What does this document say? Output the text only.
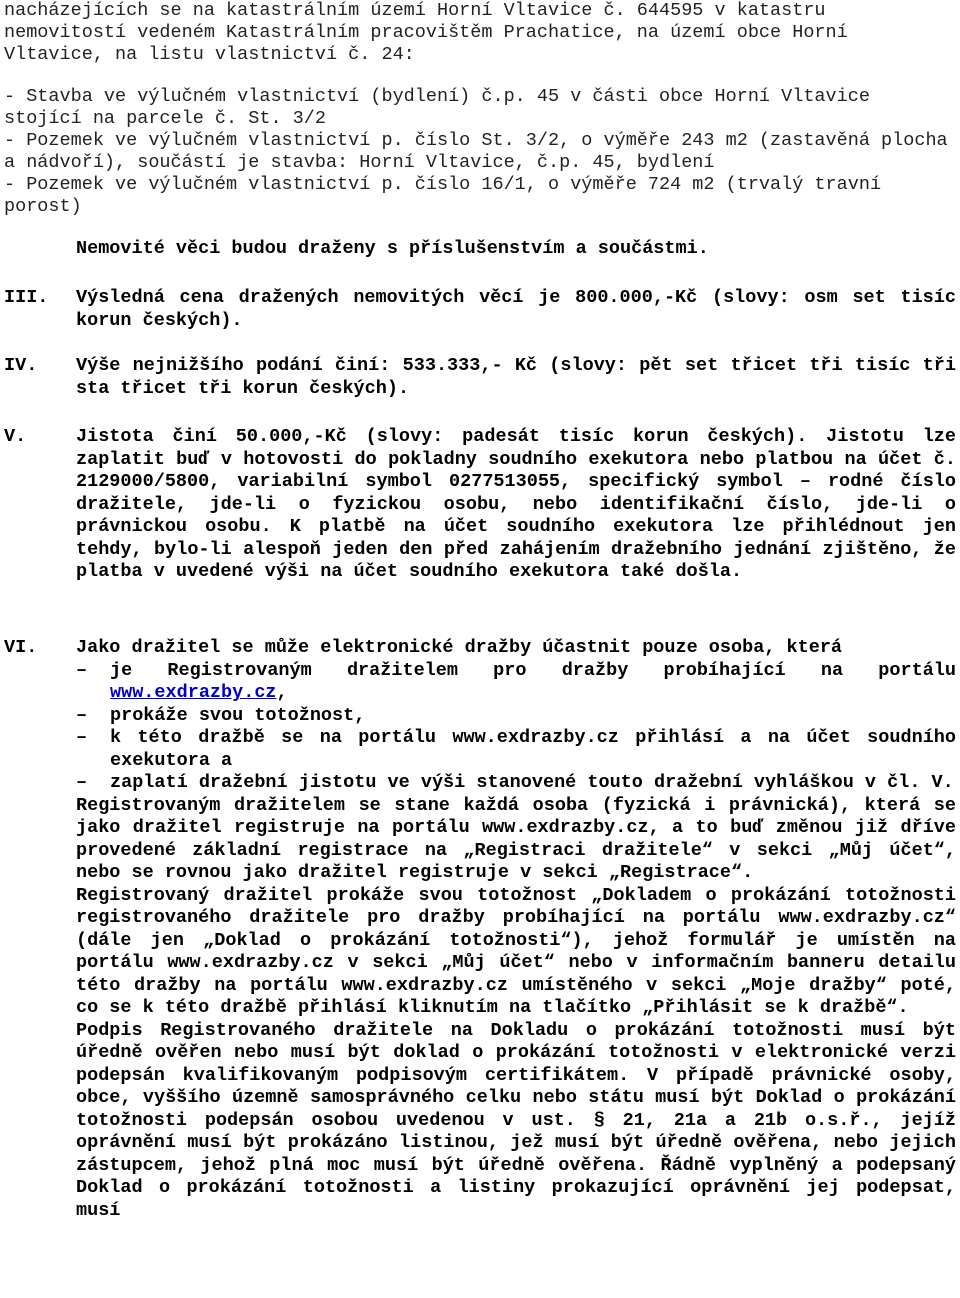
nacházejících se na katastrálním území Horní Vltavice č. 644595 v katastru nemovitostí vedeném Katastrálním pracovištěm Prachatice, na území obce Horní Vltavice, na listu vlastnictví č. 24:

- Stavba ve výlučném vlastnictví (bydlení) č.p. 45 v části obce Horní Vltavice stojící na parcele č. St. 3/2

- Pozemek ve výlučném vlastnictví p. číslo St. 3/2, o výměře 243 m2 (zastavěná plocha a nádvoří), součástí je stavba: Horní Vltavice, č.p. 45, bydlení

- Pozemek ve výlučném vlastnictví p. číslo 16/1, o výměře 724 m2 (trvalý travní porost)

Nemovité věci budou draženy s příslušenstvím a součástmi.
III.	Výsledná cena dražených nemovitých věcí je 800.000,-Kč (slovy: osm set tisíc korun českých).
IV.	Výše nejnižšího podání činí: 533.333,- Kč (slovy: pět set třicet tři tisíc tři sta třicet tři korun českých).
V.	Jistota činí 50.000,-Kč (slovy: padesát tisíc korun českých). Jistotu lze zaplatit buď v hotovosti do pokladny soudního exekutora nebo platbou na účet č. 2129000/5800, variabilní symbol 0277513055, specifický symbol – rodné číslo dražitele, jde-li o fyzickou osobu, nebo identifikační číslo, jde-li o právnickou osobu. K platbě na účet soudního exekutora lze přihlédnout jen tehdy, bylo-li alespoň jeden den před zahájením dražebního jednání zjištěno, že platba v uvedené výši na účet soudního exekutora také došla.
VI.	Jako dražitel se může elektronické dražby účastnit pouze osoba, která

– je Registrovaným dražitelem pro dražby probíhající na portálu www.exdrazby.cz,
– prokáže svou totožnost,
– k této dražbě se na portálu www.exdrazby.cz přihlásí a na účet soudního exekutora a
– zaplatí dražební jistotu ve výši stanovené touto dražební vyhláškou v čl. V.

Registrovaným dražitelem se stane každá osoba (fyzická i právnická), která se jako dražitel registruje na portálu www.exdrazby.cz, a to buď změnou již dříve provedené základní registrace na „Registraci dražitele“ v sekci „Můj účet“, nebo se rovnou jako dražitel registruje v sekci „Registrace“.

Registrovaný dražitel prokáže svou totožnost „Dokladem o prokázání totožnosti registrovaného dražitele pro dražby probíhající na portálu www.exdrazby.cz“ (dále jen „Doklad o prokázání totožnosti“), jehož formulář je umístěn na portálu www.exdrazby.cz v sekci „Můj účet“ nebo v informačním banneru detailu této dražby na portálu www.exdrazby.cz umístěného v sekci „Moje dražby“ poté, co se k této dražbě přihlásí kliknutím na tlačítko „Přihlásit se k dražbě“.

Podpis Registrovaného dražitele na Dokladu o prokázání totožnosti musí být úředně ověřen nebo musí být doklad o prokázání totožnosti v elektronické verzi podepsán kvalifikovaným podpisovým certifikátem. V případě právnické osoby, obce, vyššího územně samosprávného celku nebo státu musí být Doklad o prokázání totožnosti podepsán osobou uvedenou v ust. § 21, 21a a 21b o.s.ř., jejíž oprávnění musí být prokázáno listinou, jež musí být úředně ověřena, nebo jejich zástupcem, jehož plná moc musí být úředně ověřena. Řádně vyplněný a podepsaný Doklad o prokázání totožnosti a listiny prokazující oprávnění jej podepsat, musí
